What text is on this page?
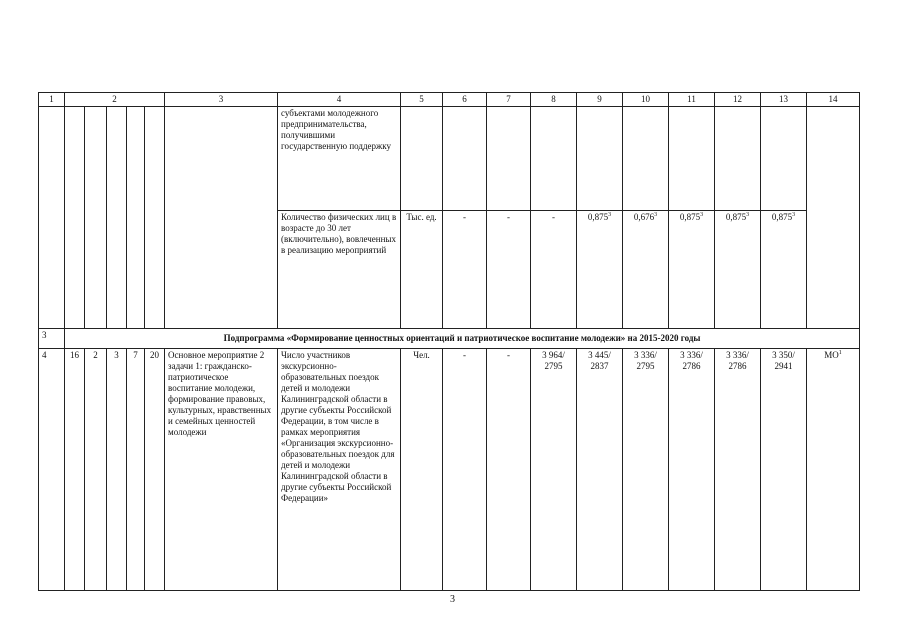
1	2					3	4	5	6	7	8	9	10	11	12	13	14
							субъектами молодежного предпринимательства, получившими государственную поддержку										
							Количество физических лиц в возрасте до 30 лет (включительно), вовлеченных в реализацию мероприятий	Тыс. ед.	-	-	-	0,875$^3$	0,676$^3$	0,875$^3$	0,875$^3$	0,875$^3$
3	Подпрограмма «Формирование ценностных ориентаций и патриотическое воспитание молодежи» на 2015-2020 годы																
4	16	2	3	7	20	Основное мероприятие 2 задачи 1: гражданско-патриотическое воспитание молодежи, формирование правовых, культурных, нравственных и семейных ценностей молодежи	Число участников экскурсионно-образовательных поездок детей и молодежи Калининградской области в другие субъекты Российской Федерации, в том числе в рамках мероприятия «Организация экскурсионно-образовательных поездок для детей и молодежи Калининградской области в другие субъекты Российской Федерации»	Чел.	-	-	3 964/ 2795	3 445/ 2837	3 336/ 2795	3 336/ 2786	3 336/ 2786	3 350/ 2941	$МО^1$
3
